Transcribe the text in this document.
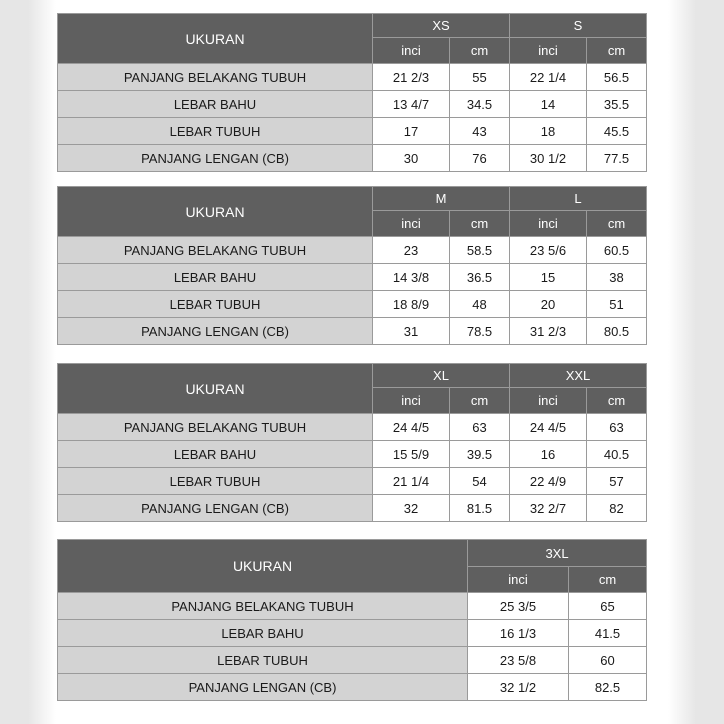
UKURAN	XS		S	
	inci	cm	inci	cm
PANJANG BELAKANG TUBUH	21 2/3	55	22 1/4	56.5
LEBAR BAHU	13 4/7	34.5	14	35.5
LEBAR TUBUH	17	43	18	45.5
PANJANG LENGAN (CB)	30	76	30 1/2	77.5
UKURAN	M		L	
	inci	cm	inci	cm
PANJANG BELAKANG TUBUH	23	58.5	23 5/6	60.5
LEBAR BAHU	14 3/8	36.5	15	38
LEBAR TUBUH	18 8/9	48	20	51
PANJANG LENGAN (CB)	31	78.5	31 2/3	80.5
UKURAN	XL		XXL	
	inci	cm	inci	cm
PANJANG BELAKANG TUBUH	24 4/5	63	24 4/5	63
LEBAR BAHU	15 5/9	39.5	16	40.5
LEBAR TUBUH	21 1/4	54	22 4/9	57
PANJANG LENGAN (CB)	32	81.5	32 2/7	82
UKURAN	3XL	
	inci	cm
PANJANG BELAKANG TUBUH	25 3/5	65
LEBAR BAHU	16 1/3	41.5
LEBAR TUBUH	23 5/8	60
PANJANG LENGAN (CB)	32 1/2	82.5
